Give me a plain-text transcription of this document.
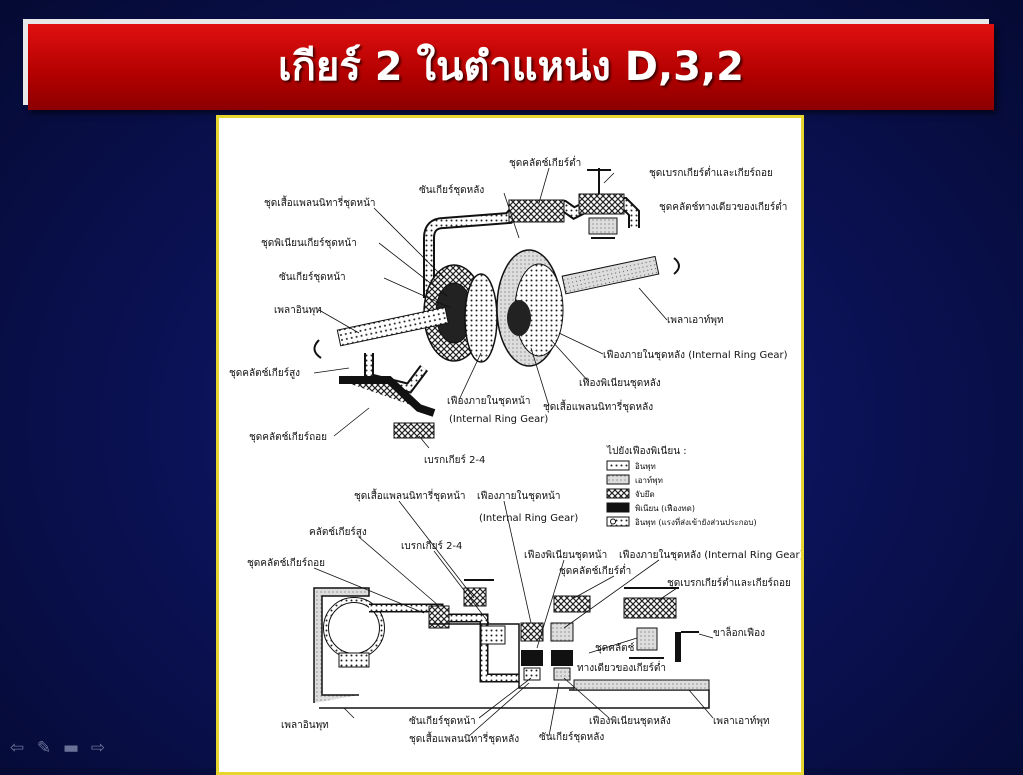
เกียร์ 2 ในตำแหน่ง D,3,2
ชุดคลัตช์เกียร์ต่ำ
ชุดเบรกเกียร์ต่ำและเกียร์ถอย
ชุดคลัตช์ทางเดียวของเกียร์ต่ำ
ซันเกียร์ชุดหลัง
ชุดเสื้อแพลนนิทารี่ชุดหน้า
ชุดพิเนียนเกียร์ชุดหน้า
ซันเกียร์ชุดหน้า
เพลาอินพุท
ชุดคลัตช์เกียร์สูง
ชุดคลัตช์เกียร์ถอย
เพลาเอาท์พุท
เฟืองภายในชุดหลัง (Internal Ring Gear)
เฟืองพิเนียนชุดหลัง
ชุดเสื้อแพลนนิทารี่ชุดหลัง
เฟืองภายในชุดหน้า
(Internal Ring Gear)
เบรกเกียร์ 2-4
ไปยังเฟืองพิเนียน :
อินพุท
เอาท์พุท
จับยึด
พิเนียน (เฟืองทด)
อินพุท (แรงที่ส่งเข้ายังส่วนประกอบ)
ชุดเสื้อแพลนนิทารี่ชุดหน้า เฟืองภายในชุดหน้า
(Internal Ring Gear)
คลัตช์เกียร์สูง
เบรกเกียร์ 2-4
ชุดคลัตช์เกียร์ถอย
เฟืองพิเนียนชุดหน้า เฟืองภายในชุดหลัง (Internal Ring Gear)
ชุดคลัตช์เกียร์ต่ำ
ชุดเบรกเกียร์ต่ำและเกียร์ถอย
ขาล็อกเฟือง
ชุดคลัตช์
ทางเดียวของเกียร์ต่ำ
เพลาอินพุท	ซันเกียร์ชุดหน้า	เฟืองพิเนียนชุดหลัง	เพลาเอาท์พุท
ชุดเสื้อแพลนนิทารี่ชุดหลัง ซันเกียร์ชุดหลัง
⇦ ✎ ▬ ⇨
